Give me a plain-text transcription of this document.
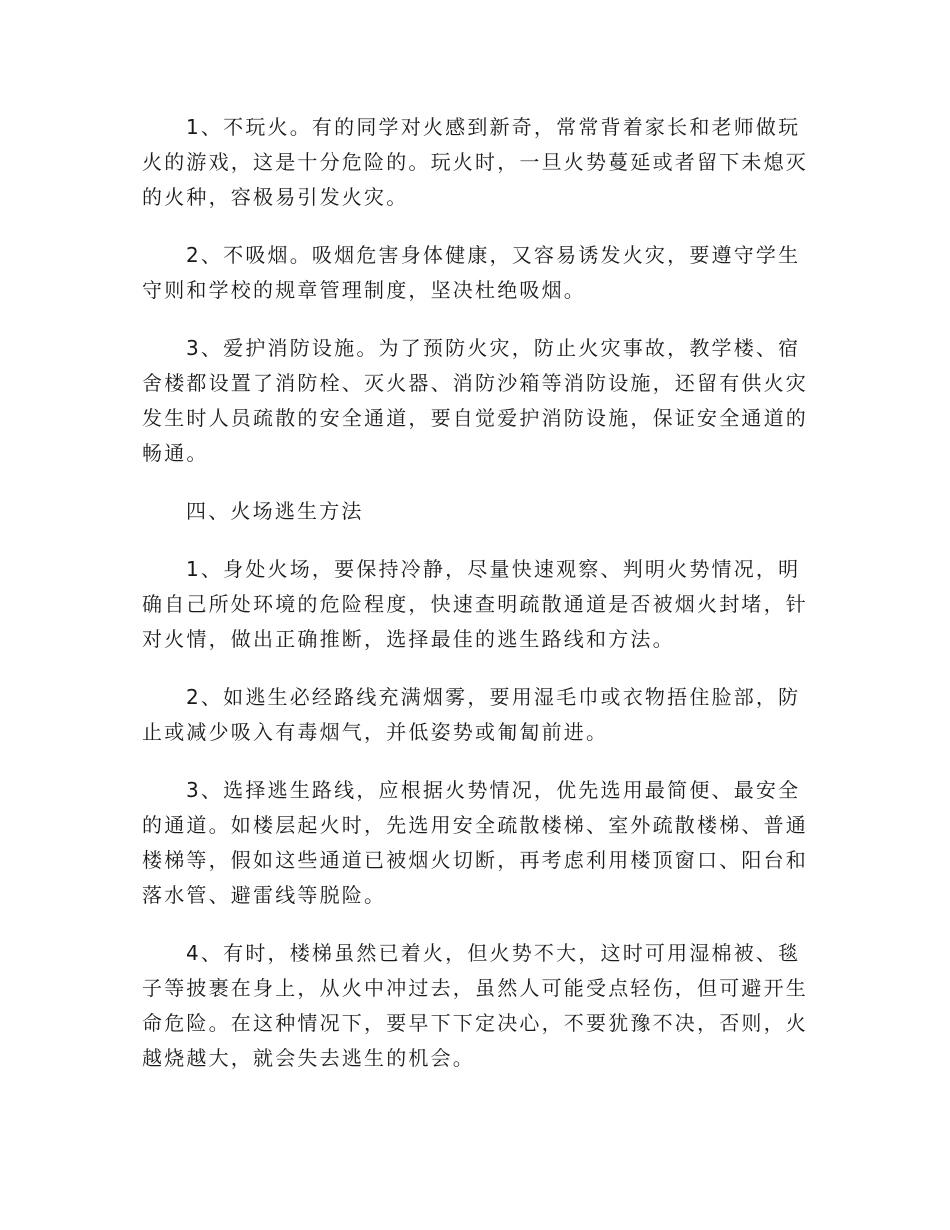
1、不玩火。有的同学对火感到新奇，常常背着家长和老师做玩火的游戏，这是十分危险的。玩火时，一旦火势蔓延或者留下未熄灭的火种，容极易引发火灾。

2、不吸烟。吸烟危害身体健康，又容易诱发火灾，要遵守学生守则和学校的规章管理制度，坚决杜绝吸烟。

3、爱护消防设施。为了预防火灾，防止火灾事故，教学楼、宿舍楼都设置了消防栓、灭火器、消防沙箱等消防设施，还留有供火灾发生时人员疏散的安全通道，要自觉爱护消防设施，保证安全通道的畅通。

四、火场逃生方法

1、身处火场，要保持冷静，尽量快速观察、判明火势情况，明确自己所处环境的危险程度，快速查明疏散通道是否被烟火封堵，针对火情，做出正确推断，选择最佳的逃生路线和方法。

2、如逃生必经路线充满烟雾，要用湿毛巾或衣物捂住脸部，防止或减少吸入有毒烟气，并低姿势或匍匐前进。

3、选择逃生路线，应根据火势情况，优先选用最简便、最安全的通道。如楼层起火时，先选用安全疏散楼梯、室外疏散楼梯、普通楼梯等，假如这些通道已被烟火切断，再考虑利用楼顶窗口、阳台和落水管、避雷线等脱险。

4、有时，楼梯虽然已着火，但火势不大，这时可用湿棉被、毯子等披裹在身上，从火中冲过去，虽然人可能受点轻伤，但可避开生命危险。在这种情况下，要早下下定决心，不要犹豫不决，否则，火越烧越大，就会失去逃生的机会。
